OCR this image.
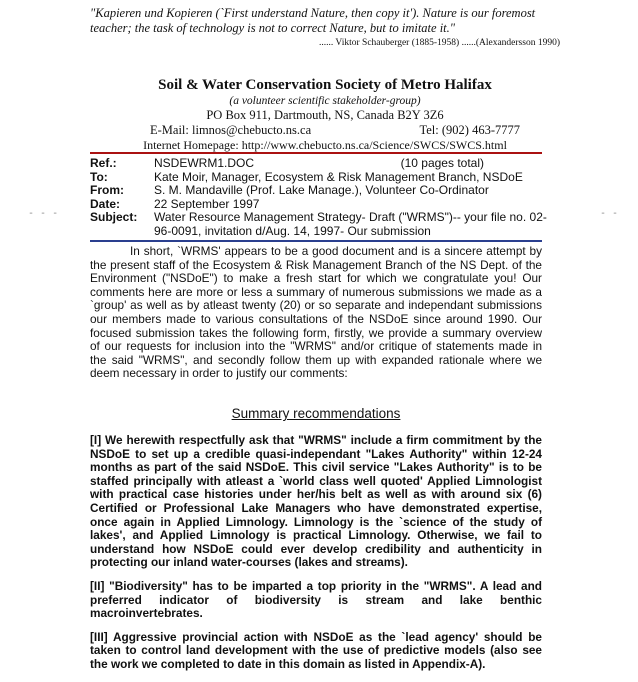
"Kapieren und Kopieren (`First understand Nature, then copy it'). Nature is our foremost teacher; the task of technology is not to correct Nature, but to imitate it."
...... Viktor Schauberger (1885-1958) ......(Alexandersson 1990)
Soil & Water Conservation Society of Metro Halifax
(a volunteer scientific stakeholder-group)
PO Box 911, Dartmouth, NS, Canada B2Y 3Z6
E-Mail: limnos@chebucto.ns.ca	Tel: (902) 463-7777
Internet Homepage: http://www.chebucto.ns.ca/Science/SWCS/SWCS.html
Ref.:	NSDEWRM1.DOC	(10 pages total)
To:	Kate Moir, Manager, Ecosystem & Risk Management Branch, NSDoE
From:	S. M. Mandaville (Prof. Lake Manage.), Volunteer Co-Ordinator
Date:	22 September 1997
Subject:	Water Resource Management Strategy- Draft ("WRMS")-- your file no. 02-96-0091, invitation d/Aug. 14, 1997- Our submission

In short, `WRMS' appears to be a good document and is a sincere attempt by the present staff of the Ecosystem & Risk Management Branch of the NS Dept. of the Environment ("NSDoE") to make a fresh start for which we congratulate you! Our comments here are more or less a summary of numerous submissions we made as a `group' as well as by atleast twenty (20) or so separate and independant submissions our members made to various consultations of the NSDoE since around 1990. Our focused submission takes the following form, firstly, we provide a summary overview of our requests for inclusion into the "WRMS" and/or critique of statements made in the said "WRMS", and secondly follow them up with expanded rationale where we deem necessary in order to justify our comments:

Summary recommendations

[I] We herewith respectfully ask that "WRMS" include a firm commitment by the NSDoE to set up a credible quasi-independant "Lakes Authority" within 12-24 months as part of the said NSDoE. This civil service "Lakes Authority" is to be staffed principally with atleast a `world class well quoted' Applied Limnologist with practical case histories under her/his belt as well as with around six (6) Certified or Professional Lake Managers who have demonstrated expertise, once again in Applied Limnology. Limnology is the `science of the study of lakes', and Applied Limnology is practical Limnology. Otherwise, we fail to understand how NSDoE could ever develop credibility and authenticity in protecting our inland water-courses (lakes and streams).

[II] "Biodiversity" has to be imparted a top priority in the "WRMS". A lead and preferred indicator of biodiversity is stream and lake benthic macroinvertebrates.

[III] Aggressive provincial action with NSDoE as the `lead agency' should be taken to control land development with the use of predictive models (also see the work we completed to date in this domain as listed in Appendix-A).

- - -	- -
